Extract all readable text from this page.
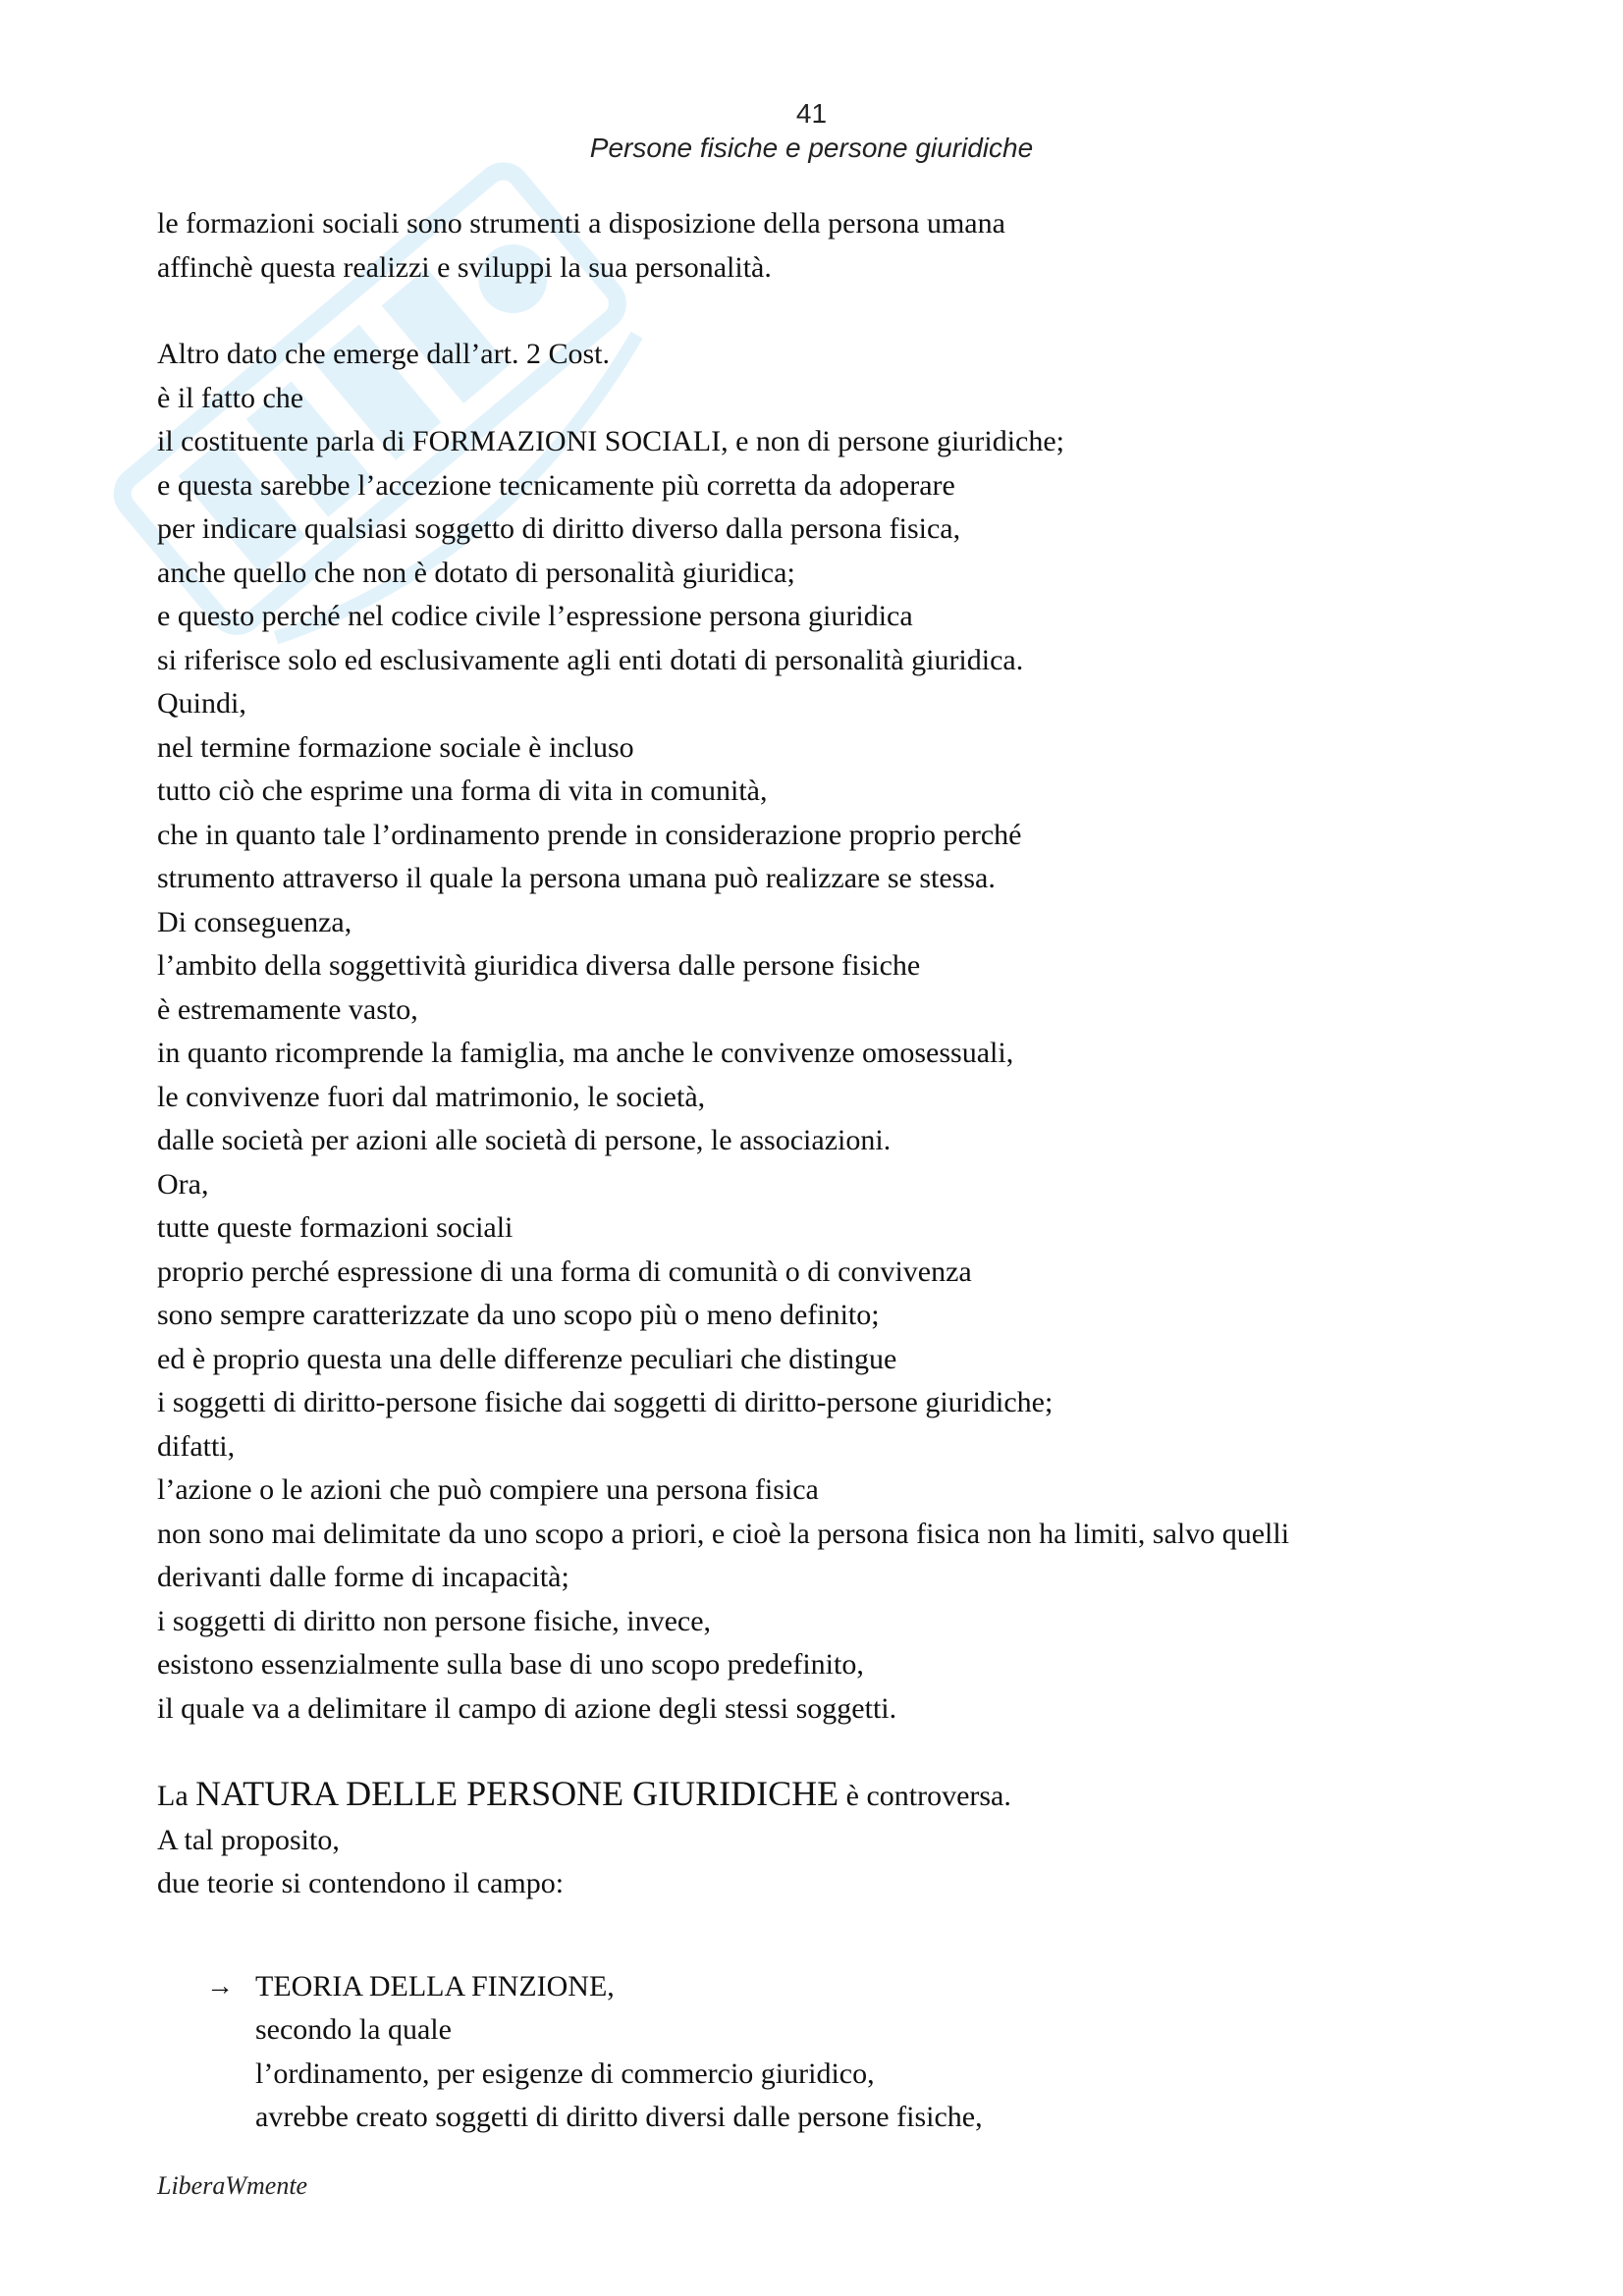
41
Persone fisiche e persone giuridiche
le formazioni sociali sono strumenti a disposizione della persona umana
affinchè questa realizzi e sviluppi la sua personalità.
Altro dato che emerge dall’art. 2 Cost.
è il fatto che
il costituente parla di FORMAZIONI SOCIALI, e non di persone giuridiche;
e questa sarebbe l’accezione tecnicamente più corretta da adoperare
per indicare qualsiasi soggetto di diritto diverso dalla persona fisica,
anche quello che non è dotato di personalità giuridica;
e questo perché nel codice civile l’espressione persona giuridica
si riferisce solo ed esclusivamente agli enti dotati di personalità giuridica.
Quindi,
nel termine formazione sociale è incluso
tutto ciò che esprime una forma di vita in comunità,
che in quanto tale l’ordinamento prende in considerazione proprio perché
strumento attraverso il quale la persona umana può realizzare se stessa.
Di conseguenza,
l’ambito della soggettività giuridica diversa dalle persone fisiche
è estremamente vasto,
in quanto ricomprende la famiglia, ma anche le convivenze omosessuali,
le convivenze fuori dal matrimonio, le società,
dalle società per azioni alle società di persone, le associazioni.
Ora,
tutte queste formazioni sociali
proprio perché espressione di una forma di comunità o di convivenza
sono sempre caratterizzate da uno scopo più o meno definito;
ed è proprio questa una delle differenze peculiari che distingue
i soggetti di diritto-persone fisiche dai soggetti di diritto-persone giuridiche;
difatti,
l’azione o le azioni che può compiere una persona fisica
non sono mai delimitate da uno scopo a priori, e cioè la persona fisica non ha limiti, salvo quelli
derivanti dalle forme di incapacità;
i soggetti di diritto non persone fisiche, invece,
esistono essenzialmente sulla base di uno scopo predefinito,
il quale va a delimitare il campo di azione degli stessi soggetti.
La NATURA DELLE PERSONE GIURIDICHE è controversa.
A tal proposito,
due teorie si contendono il campo:
→ TEORIA DELLA FINZIONE,
secondo la quale
l’ordinamento, per esigenze di commercio giuridico,
avrebbe creato soggetti di diritto diversi dalle persone fisiche,
LiberaWmente
